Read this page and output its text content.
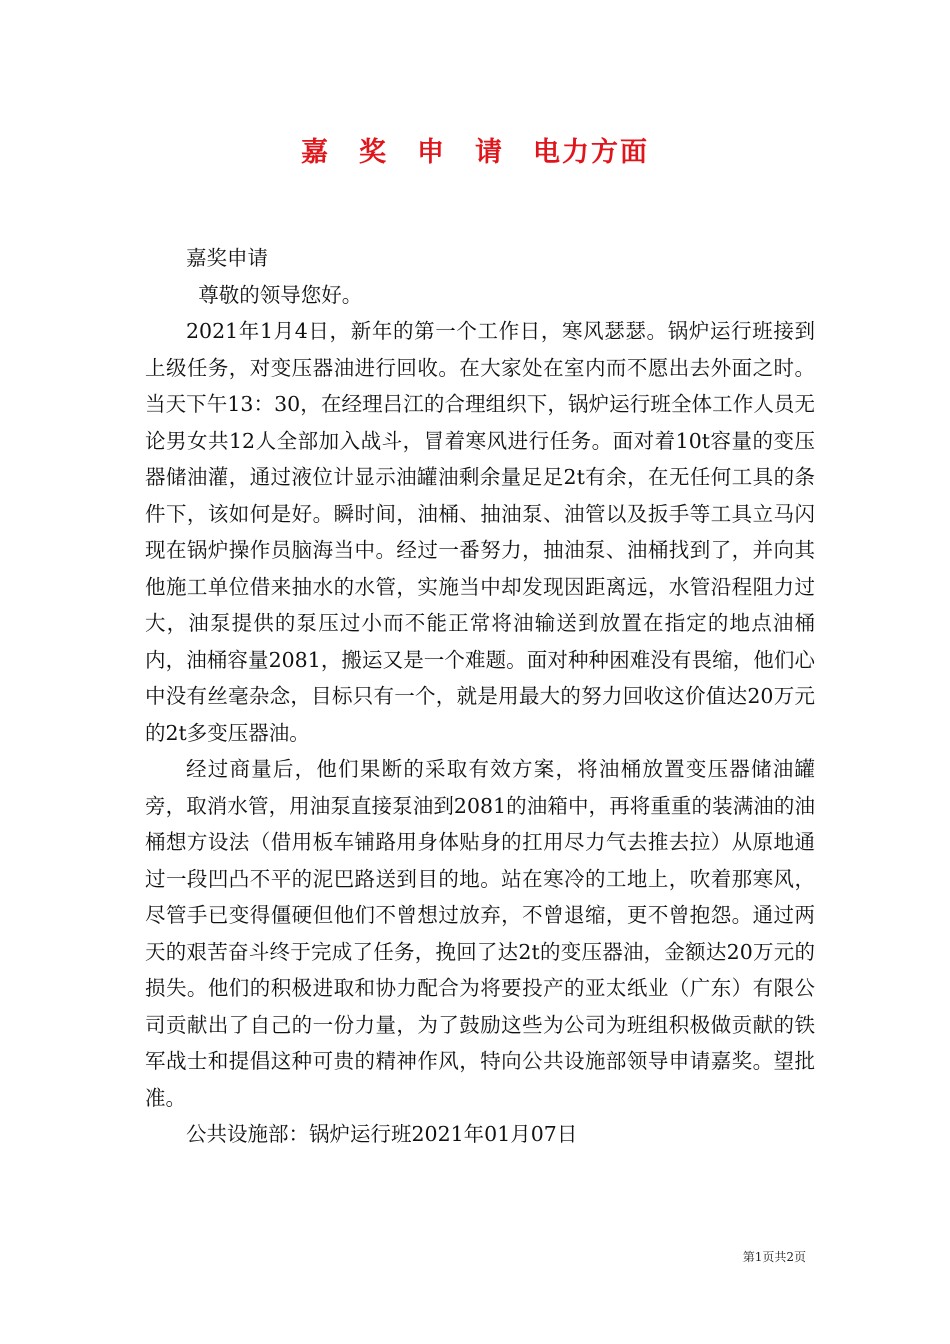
嘉　奖　申　请　电力方面

嘉奖申请

尊敬的领导您好。

2021年1月4日，新年的第一个工作日，寒风瑟瑟。锅炉运行班接到上级任务，对变压器油进行回收。在大家处在室内而不愿出去外面之时。当天下午13：30，在经理吕江的合理组织下，锅炉运行班全体工作人员无论男女共12人全部加入战斗，冒着寒风进行任务。面对着10t容量的变压器储油灌，通过液位计显示油罐油剩余量足足2t有余，在无任何工具的条件下，该如何是好。瞬时间，油桶、抽油泵、油管以及扳手等工具立马闪现在锅炉操作员脑海当中。经过一番努力，抽油泵、油桶找到了，并向其他施工单位借来抽水的水管，实施当中却发现因距离远，水管沿程阻力过大，油泵提供的泵压过小而不能正常将油输送到放置在指定的地点油桶内，油桶容量2081，搬运又是一个难题。面对种种困难没有畏缩，他们心中没有丝毫杂念，目标只有一个，就是用最大的努力回收这价值达20万元的2t多变压器油。

经过商量后，他们果断的采取有效方案，将油桶放置变压器储油罐旁，取消水管，用油泵直接泵油到2081的油箱中，再将重重的装满油的油桶想方设法（借用板车铺路用身体贴身的扛用尽力气去推去拉）从原地通过一段凹凸不平的泥巴路送到目的地。站在寒冷的工地上，吹着那寒风，尽管手已变得僵硬但他们不曾想过放弃，不曾退缩，更不曾抱怨。通过两天的艰苦奋斗终于完成了任务，挽回了达2t的变压器油，金额达20万元的损失。他们的积极进取和协力配合为将要投产的亚太纸业（广东）有限公司贡献出了自己的一份力量，为了鼓励这些为公司为班组积极做贡献的铁军战士和提倡这种可贵的精神作风，特向公共设施部领导申请嘉奖。望批准。

公共设施部：锅炉运行班2021年01月07日

第1页共2页
